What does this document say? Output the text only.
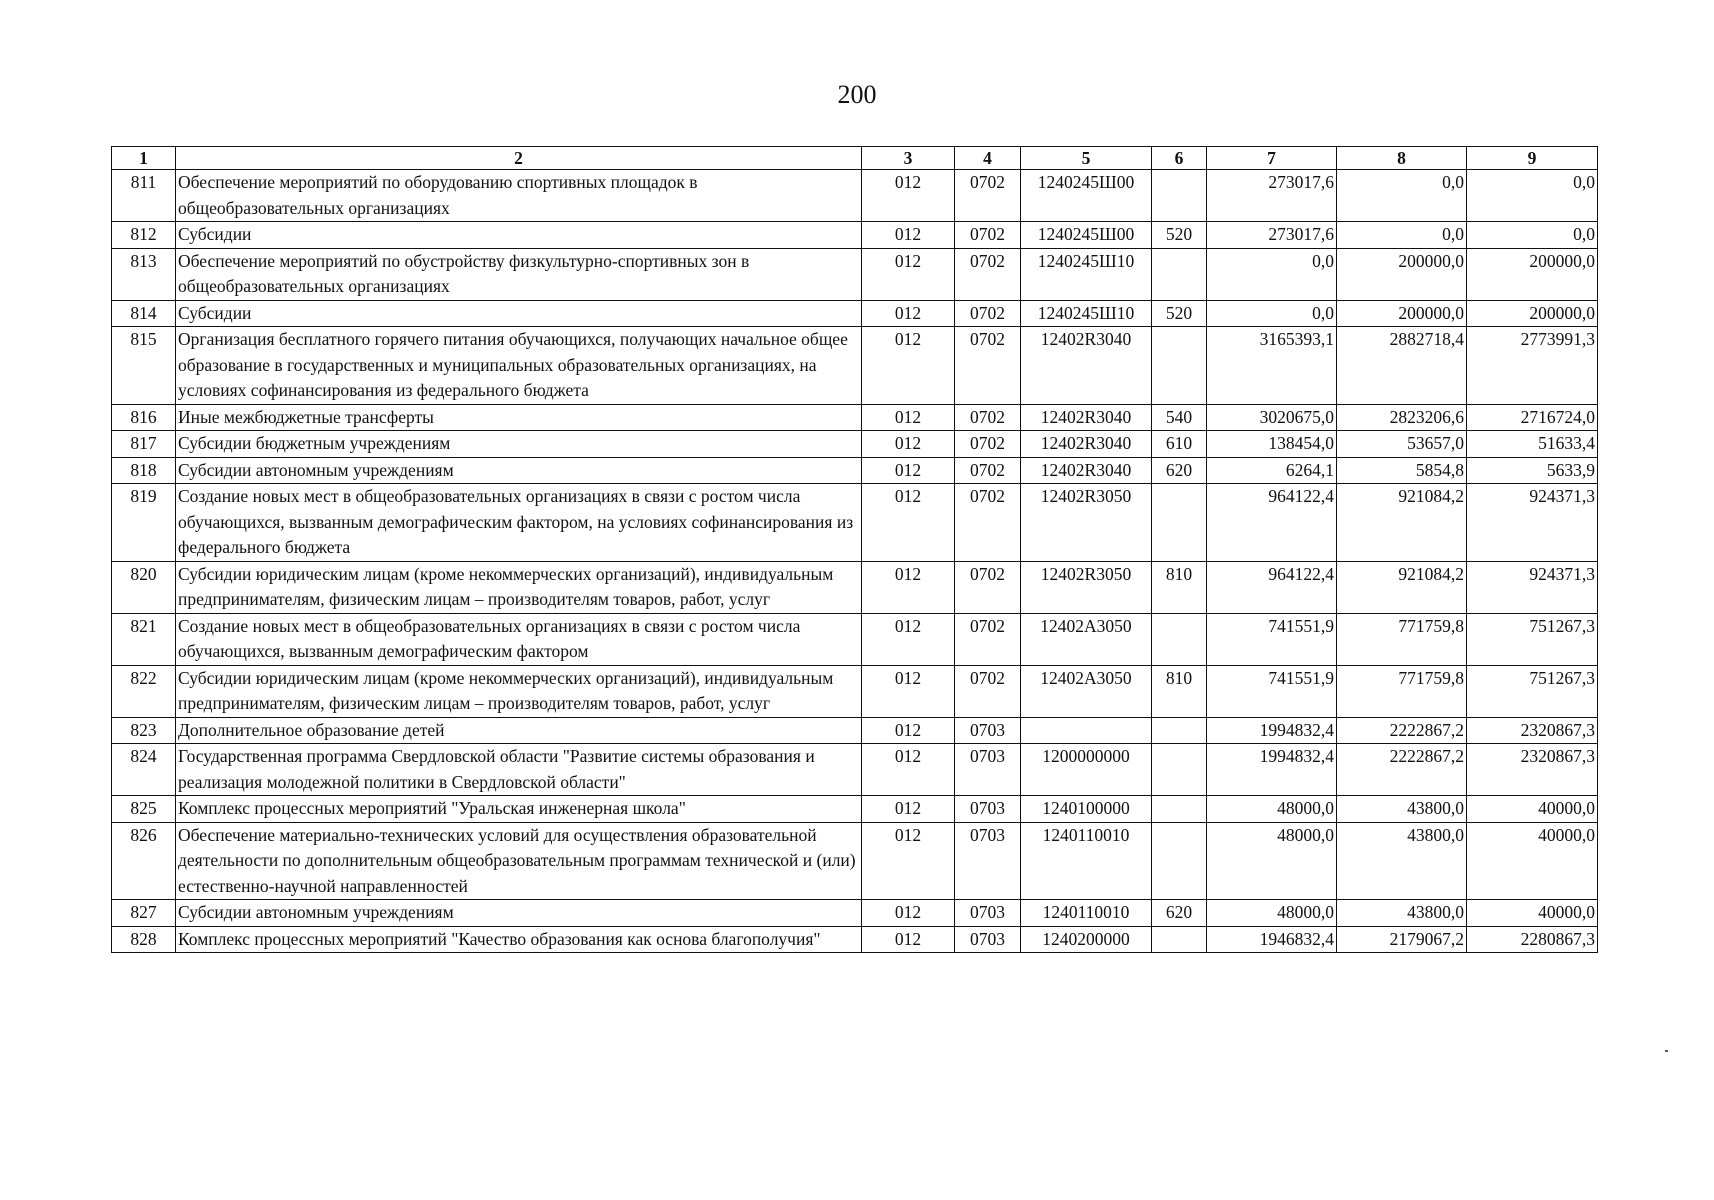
200
1	2	3	4	5	6	7	8	9
811	Обеспечение мероприятий по оборудованию спортивных площадок в общеобразовательных организациях	012	0702	1240245Ш00		273017,6	0,0	0,0
812	Субсидии	012	0702	1240245Ш00	520	273017,6	0,0	0,0
813	Обеспечение мероприятий по обустройству физкультурно-спортивных зон в общеобразовательных организациях	012	0702	1240245Ш10		0,0	200000,0	200000,0
814	Субсидии	012	0702	1240245Ш10	520	0,0	200000,0	200000,0
815	Организация бесплатного горячего питания обучающихся, получающих начальное общее образование в государственных и муниципальных образовательных организациях, на условиях софинансирования из федерального бюджета	012	0702	12402R3040		3165393,1	2882718,4	2773991,3
816	Иные межбюджетные трансферты	012	0702	12402R3040	540	3020675,0	2823206,6	2716724,0
817	Субсидии бюджетным учреждениям	012	0702	12402R3040	610	138454,0	53657,0	51633,4
818	Субсидии автономным учреждениям	012	0702	12402R3040	620	6264,1	5854,8	5633,9
819	Создание новых мест в общеобразовательных организациях в связи с ростом числа обучающихся, вызванным демографическим фактором, на условиях софинансирования из федерального бюджета	012	0702	12402R3050		964122,4	921084,2	924371,3
820	Субсидии юридическим лицам (кроме некоммерческих организаций), индивидуальным предпринимателям, физическим лицам – производителям товаров, работ, услуг	012	0702	12402R3050	810	964122,4	921084,2	924371,3
821	Создание новых мест в общеобразовательных организациях в связи с ростом числа обучающихся, вызванным демографическим фактором	012	0702	12402А3050		741551,9	771759,8	751267,3
822	Субсидии юридическим лицам (кроме некоммерческих организаций), индивидуальным предпринимателям, физическим лицам – производителям товаров, работ, услуг	012	0702	12402А3050	810	741551,9	771759,8	751267,3
823	Дополнительное образование детей	012	0703			1994832,4	2222867,2	2320867,3
824	Государственная программа Свердловской области "Развитие системы образования и реализация молодежной политики в Свердловской области"	012	0703	1200000000		1994832,4	2222867,2	2320867,3
825	Комплекс процессных мероприятий "Уральская инженерная школа"	012	0703	1240100000		48000,0	43800,0	40000,0
826	Обеспечение материально-технических условий для осуществления образовательной деятельности по дополнительным общеобразовательным программам технической и (или) естественно-научной направленностей	012	0703	1240110010		48000,0	43800,0	40000,0
827	Субсидии автономным учреждениям	012	0703	1240110010	620	48000,0	43800,0	40000,0
828	Комплекс процессных мероприятий "Качество образования как основа благополучия"	012	0703	1240200000		1946832,4	2179067,2	2280867,3
